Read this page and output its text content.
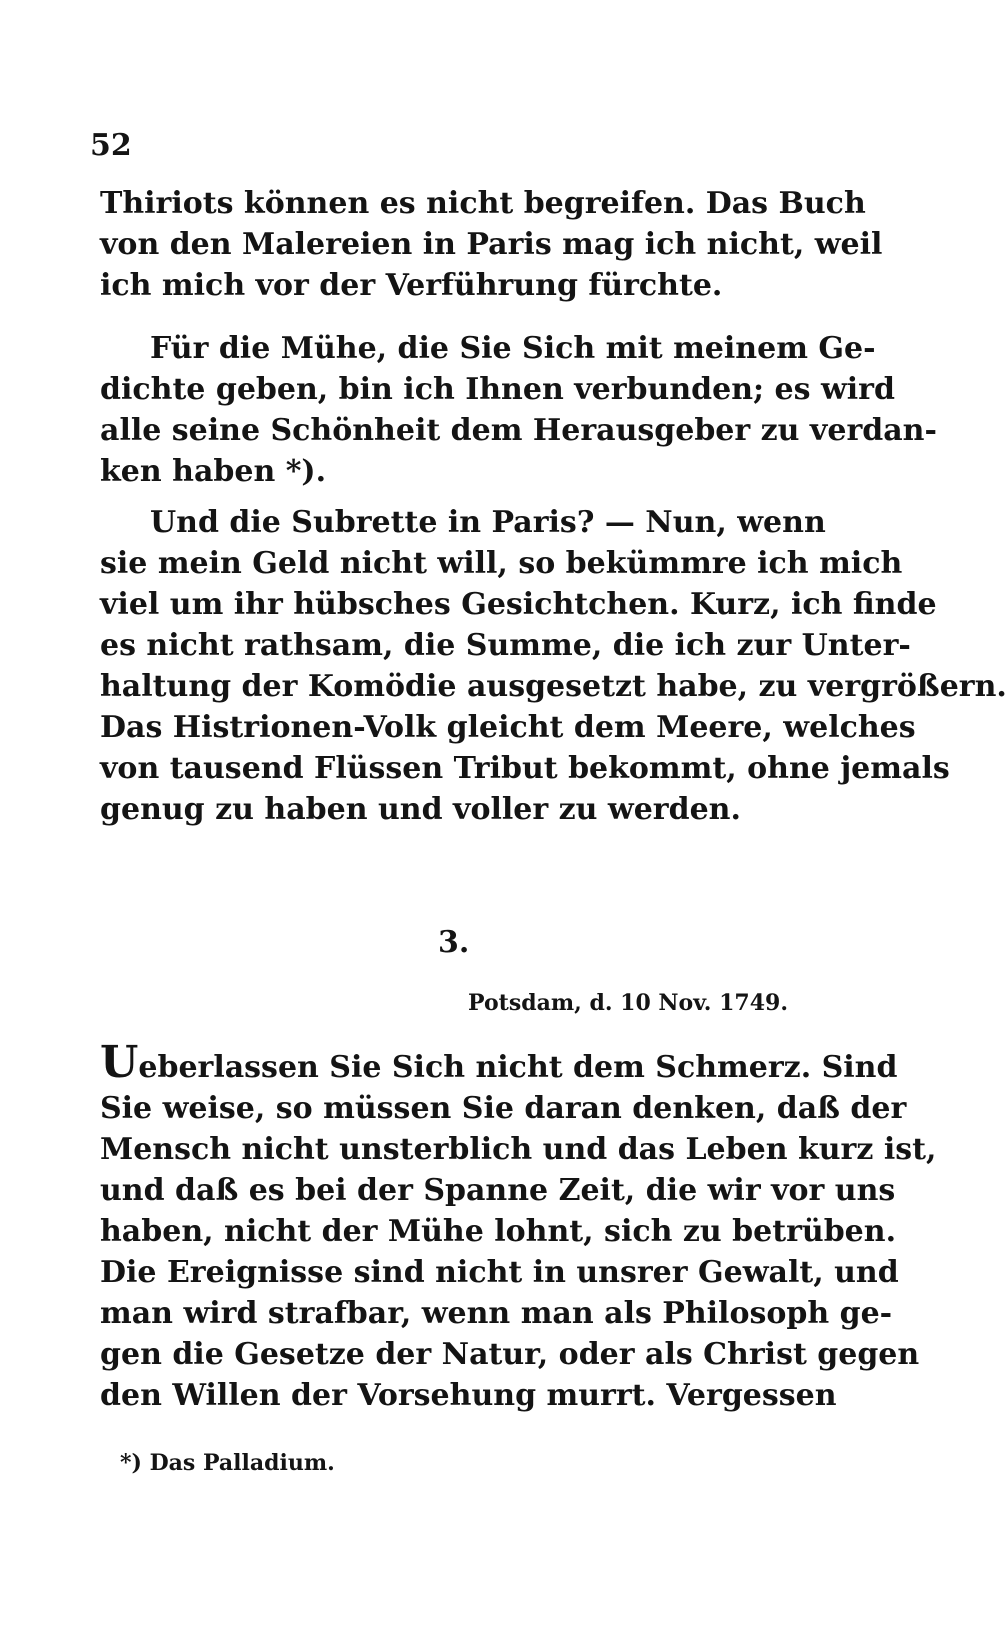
52
Thiriots können es nicht begreifen. Das Buch
von den Malereien in Paris mag ich nicht, weil
ich mich vor der Verführung fürchte.
Für die Mühe, die Sie Sich mit meinem Ge-
dichte geben, bin ich Ihnen verbunden; es wird
alle seine Schönheit dem Herausgeber zu verdan-
ken haben *).
Und die Subrette in Paris? — Nun, wenn
sie mein Geld nicht will, so bekümmre ich mich
viel um ihr hübsches Gesichtchen. Kurz, ich finde
es nicht rathsam, die Summe, die ich zur Unter-
haltung der Komödie ausgesetzt habe, zu vergrößern.
Das Histrionen-Volk gleicht dem Meere, welches
von tausend Flüssen Tribut bekommt, ohne jemals
genug zu haben und voller zu werden.
3.
Potsdam, d. 10 Nov. 1749.
Ueberlassen Sie Sich nicht dem Schmerz. Sind
Sie weise, so müssen Sie daran denken, daß der
Mensch nicht unsterblich und das Leben kurz ist,
und daß es bei der Spanne Zeit, die wir vor uns
haben, nicht der Mühe lohnt, sich zu betrüben.
Die Ereignisse sind nicht in unsrer Gewalt, und
man wird strafbar, wenn man als Philosoph ge-
gen die Gesetze der Natur, oder als Christ gegen
den Willen der Vorsehung murrt. Vergessen
*) Das Palladium.
